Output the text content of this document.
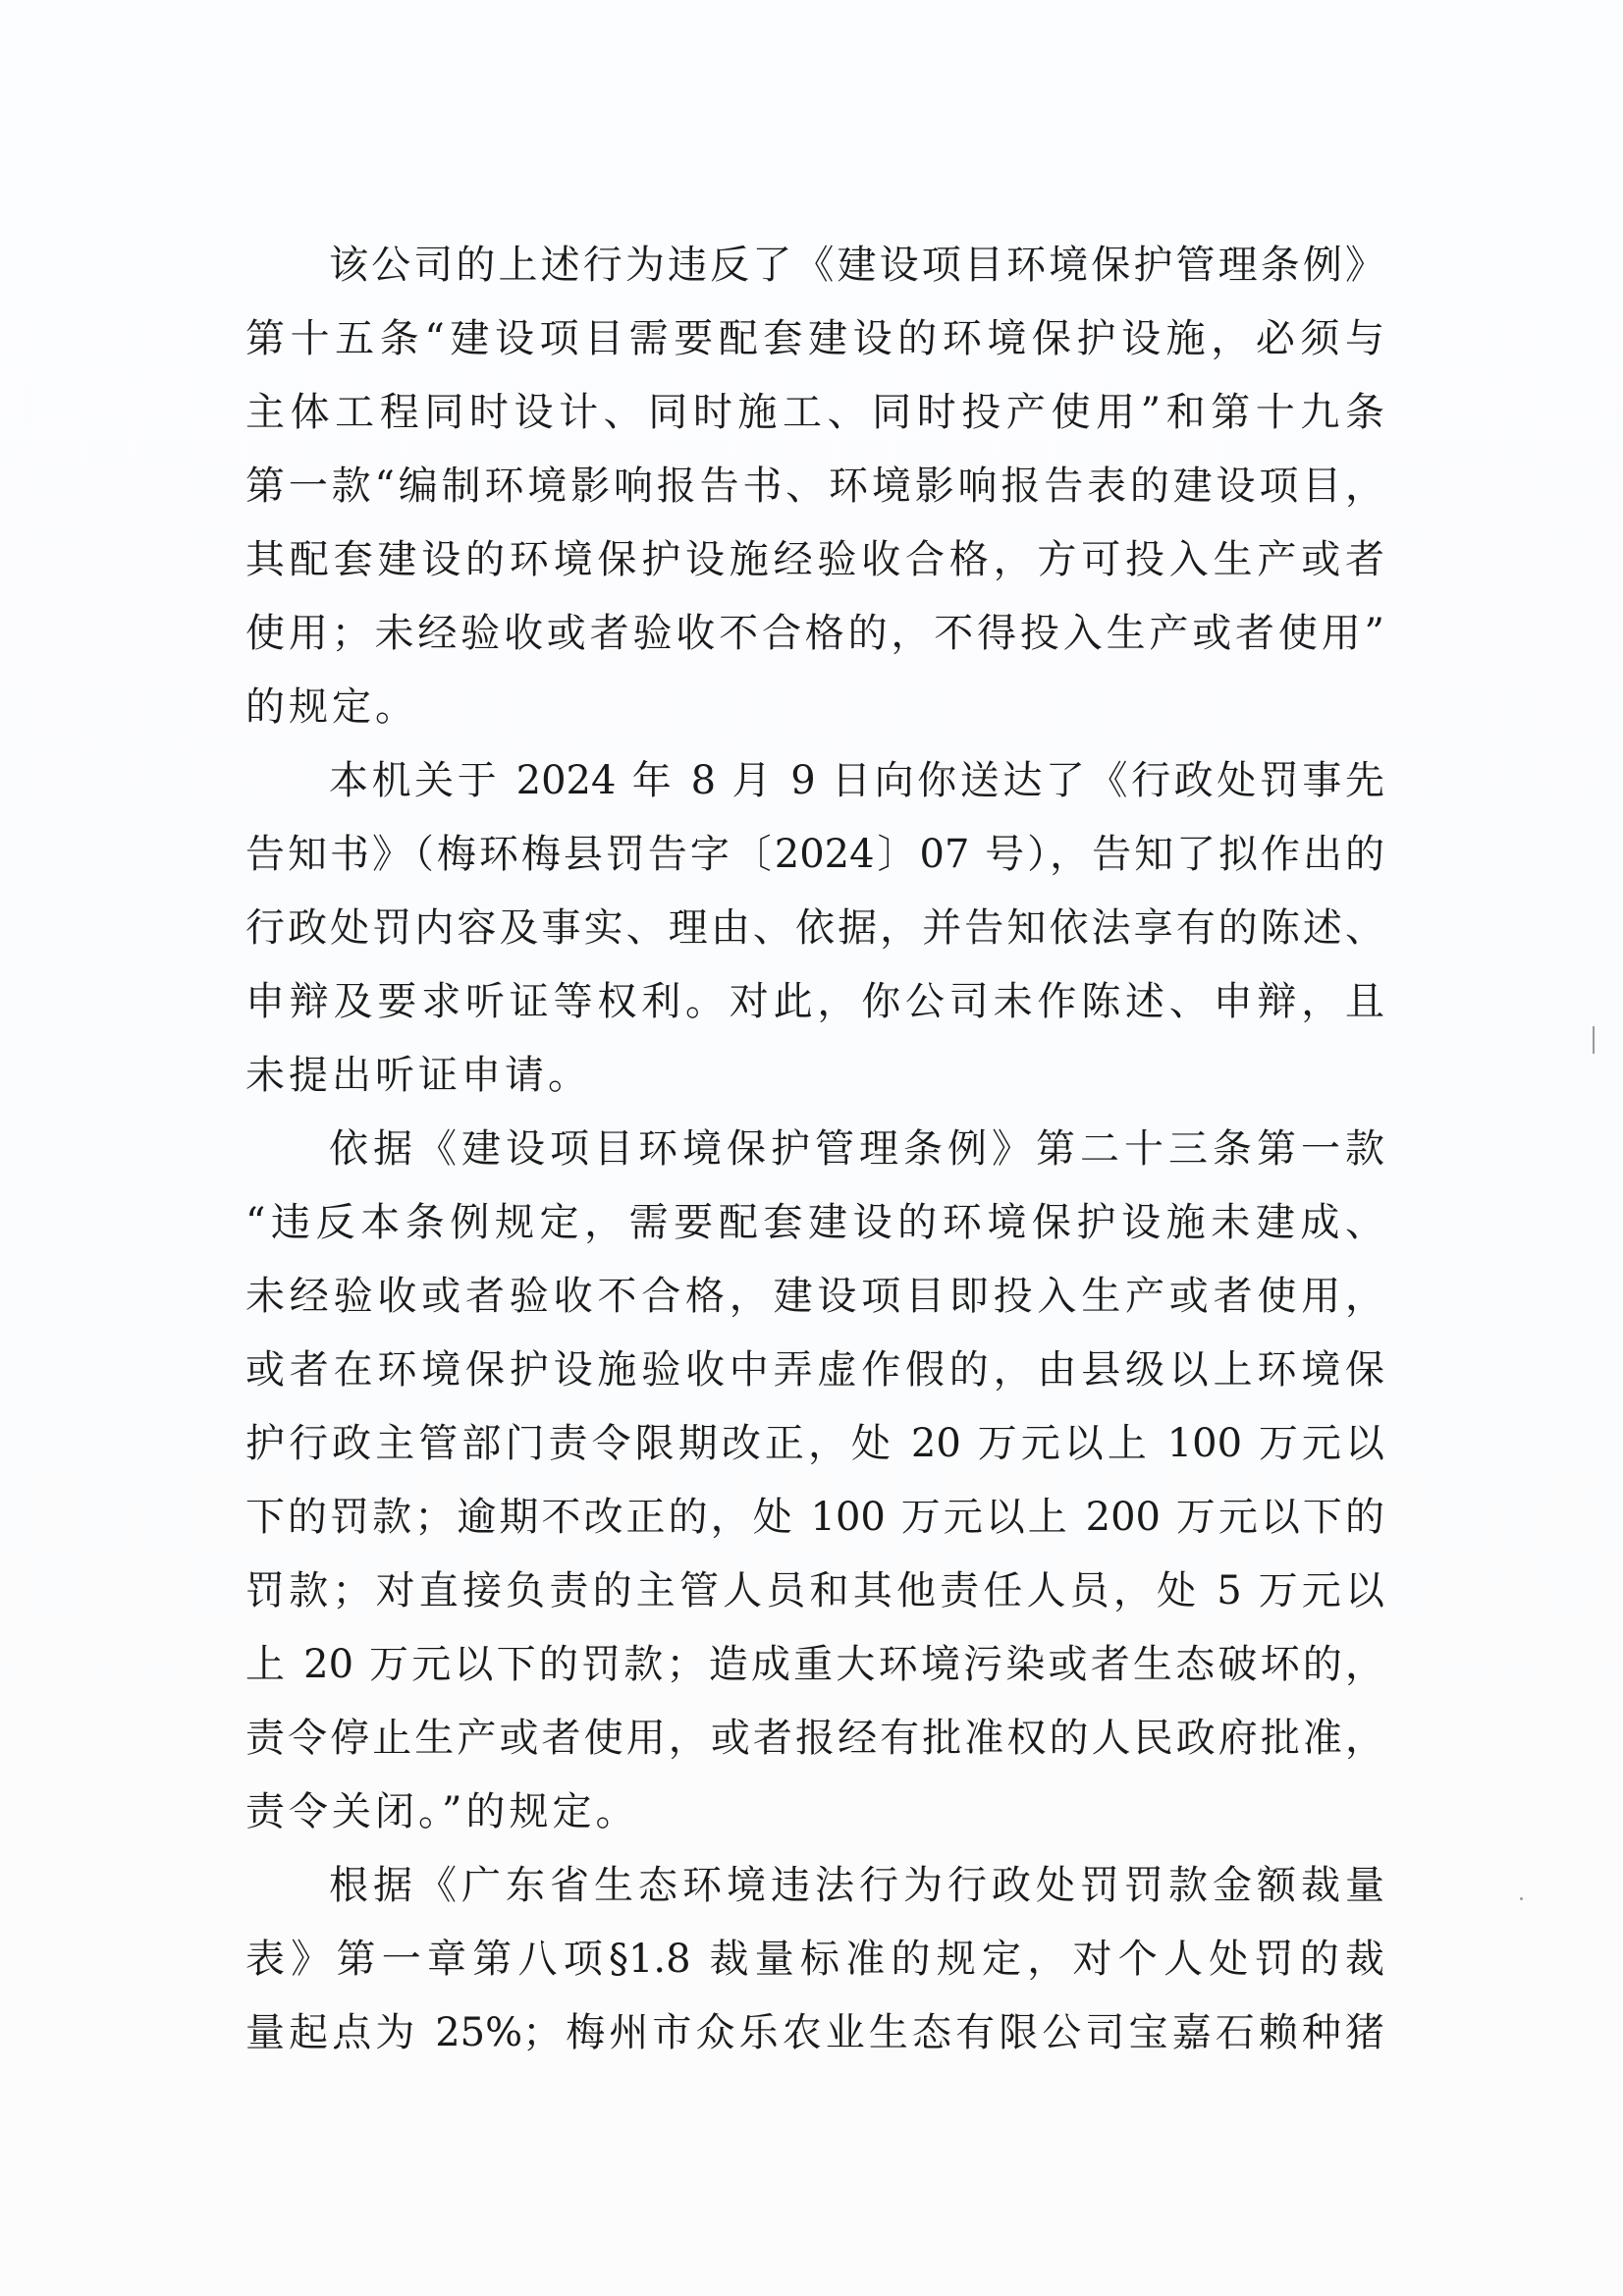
该公司的上述行为违反了《建设项目环境保护管理条例》
第十五条“建设项目需要配套建设的环境保护设施，必须与
主体工程同时设计、同时施工、同时投产使用”和第十九条
第一款“编制环境影响报告书、环境影响报告表的建设项目，
其配套建设的环境保护设施经验收合格，方可投入生产或者
使用；未经验收或者验收不合格的，不得投入生产或者使用”
的规定。
本机关于 2024 年 8 月 9 日向你送达了《行政处罚事先
告知书》（梅环梅县罚告字〔2024〕07 号），告知了拟作出的
行政处罚内容及事实、理由、依据，并告知依法享有的陈述、
申辩及要求听证等权利。对此，你公司未作陈述、申辩，且
未提出听证申请。
依据《建设项目环境保护管理条例》第二十三条第一款
“违反本条例规定，需要配套建设的环境保护设施未建成、
未经验收或者验收不合格，建设项目即投入生产或者使用，
或者在环境保护设施验收中弄虚作假的，由县级以上环境保
护行政主管部门责令限期改正，处 20 万元以上 100 万元以
下的罚款；逾期不改正的，处 100 万元以上 200 万元以下的
罚款；对直接负责的主管人员和其他责任人员，处 5 万元以
上 20 万元以下的罚款；造成重大环境污染或者生态破坏的，
责令停止生产或者使用，或者报经有批准权的人民政府批准，
责令关闭。”的规定。
根据《广东省生态环境违法行为行政处罚罚款金额裁量
表》第一章第八项§1.8 裁量标准的规定，对个人处罚的裁
量起点为 25%；梅州市众乐农业生态有限公司宝嘉石赖种猪
